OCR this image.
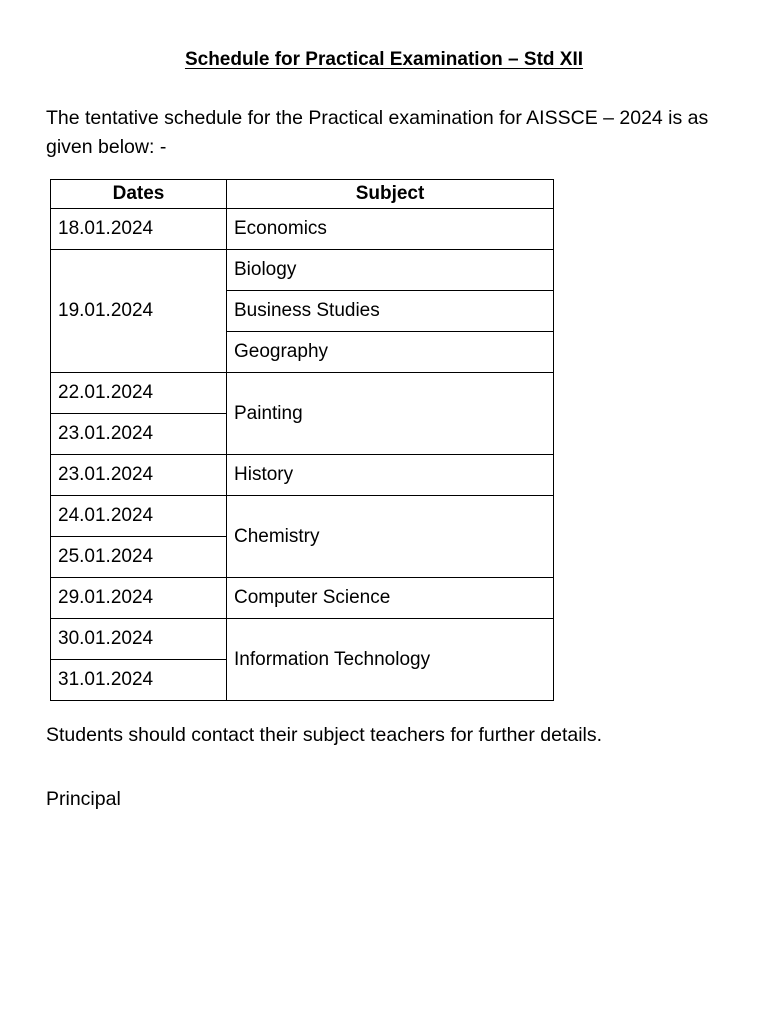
Schedule for Practical Examination – Std XII

The tentative schedule for the Practical examination for AISSCE – 2024 is as given below: -

Dates	Subject
18.01.2024	Economics
19.01.2024	Biology
	Business Studies
	Geography
22.01.2024	Painting
23.01.2024	
23.01.2024	History
24.01.2024	Chemistry
25.01.2024	
29.01.2024	Computer Science
30.01.2024	Information Technology
31.01.2024	

Students should contact their subject teachers for further details.

Principal
